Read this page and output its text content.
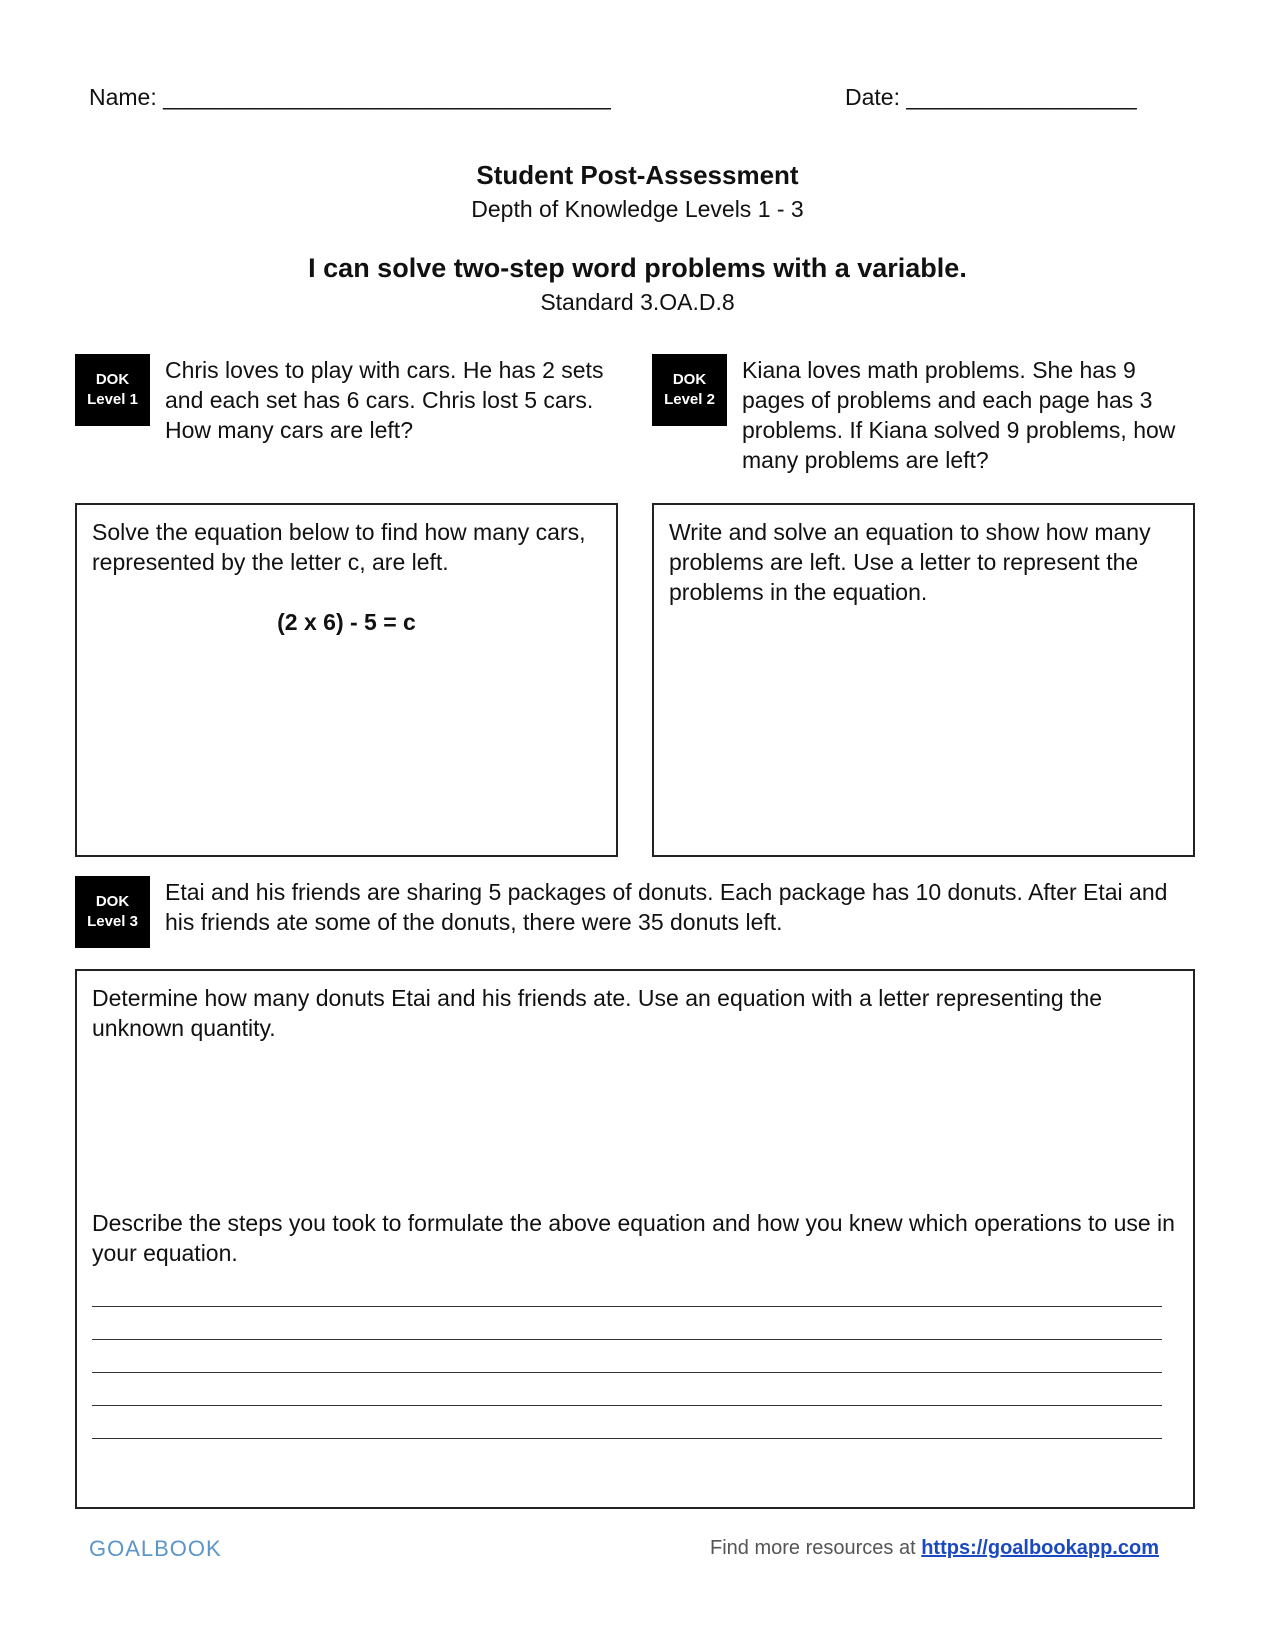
Name: ___________________________________	Date: __________________
Student Post-Assessment
Depth of Knowledge Levels 1 - 3
I can solve two-step word problems with a variable.
Standard 3.OA.D.8
DOK
Level 1
Chris loves to play with cars. He has 2 sets and each set has 6 cars. Chris lost 5 cars. How many cars are left?
Solve the equation below to find how many cars, represented by the letter c, are left.
(2 x 6) - 5 = c
DOK
Level 2
Kiana loves math problems. She has 9 pages of problems and each page has 3 problems. If Kiana solved 9 problems, how many problems are left?
Write and solve an equation to show how many problems are left. Use a letter to represent the problems in the equation.
DOK
Level 3
Etai and his friends are sharing 5 packages of donuts. Each package has 10 donuts. After Etai and his friends ate some of the donuts, there were 35 donuts left.
Determine how many donuts Etai and his friends ate. Use an equation with a letter representing the unknown quantity.
Describe the steps you took to formulate the above equation and how you knew which operations to use in your equation.
GOALBOOK	Find more resources at https://goalbookapp.com
